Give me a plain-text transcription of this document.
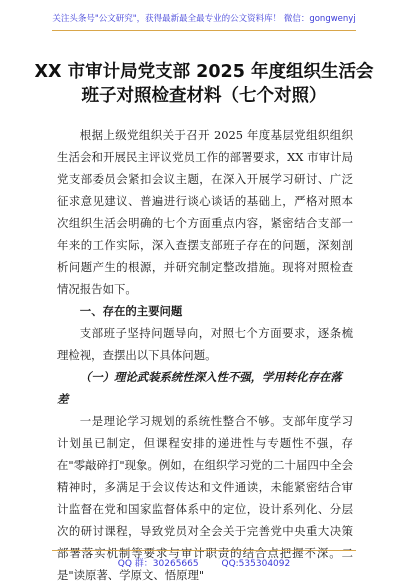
关注头条号"公文研究"，获得最新最全最专业的公文资料库！ 微信：gongwenyj
XX 市审计局党支部 2025 年度组织生活会
班子对照检查材料（七个对照）

根据上级党组织关于召开 2025 年度基层党组织组织生活会和开展民主评议党员工作的部署要求，XX 市审计局党支部委员会紧扣会议主题，在深入开展学习研讨、广泛征求意见建议、普遍进行谈心谈话的基础上，严格对照本次组织生活会明确的七个方面重点内容，紧密结合支部一年来的工作实际，深入查摆支部班子存在的问题，深刻剖析问题产生的根源，并研究制定整改措施。现将对照检查情况报告如下。

一、存在的主要问题

支部班子坚持问题导向，对照七个方面要求，逐条梳理检视，查摆出以下具体问题。

（一）理论武装系统性深入性不强，学用转化存在落差

一是理论学习规划的系统性整合不够。支部年度学习计划虽已制定，但课程安排的递进性与专题性不强，存在"零敲碎打"现象。例如，在组织学习党的二十届四中全会精神时，多满足于会议传达和文件通读，未能紧密结合审计监督在党和国家监督体系中的定位，设计系列化、分层次的研讨课程，导致党员对全会关于完善党中央重大决策部署落实机制等要求与审计职责的结合点把握不深。二是"读原著、学原文、悟原理"

QQ 群：30265665	QQ:535304092
